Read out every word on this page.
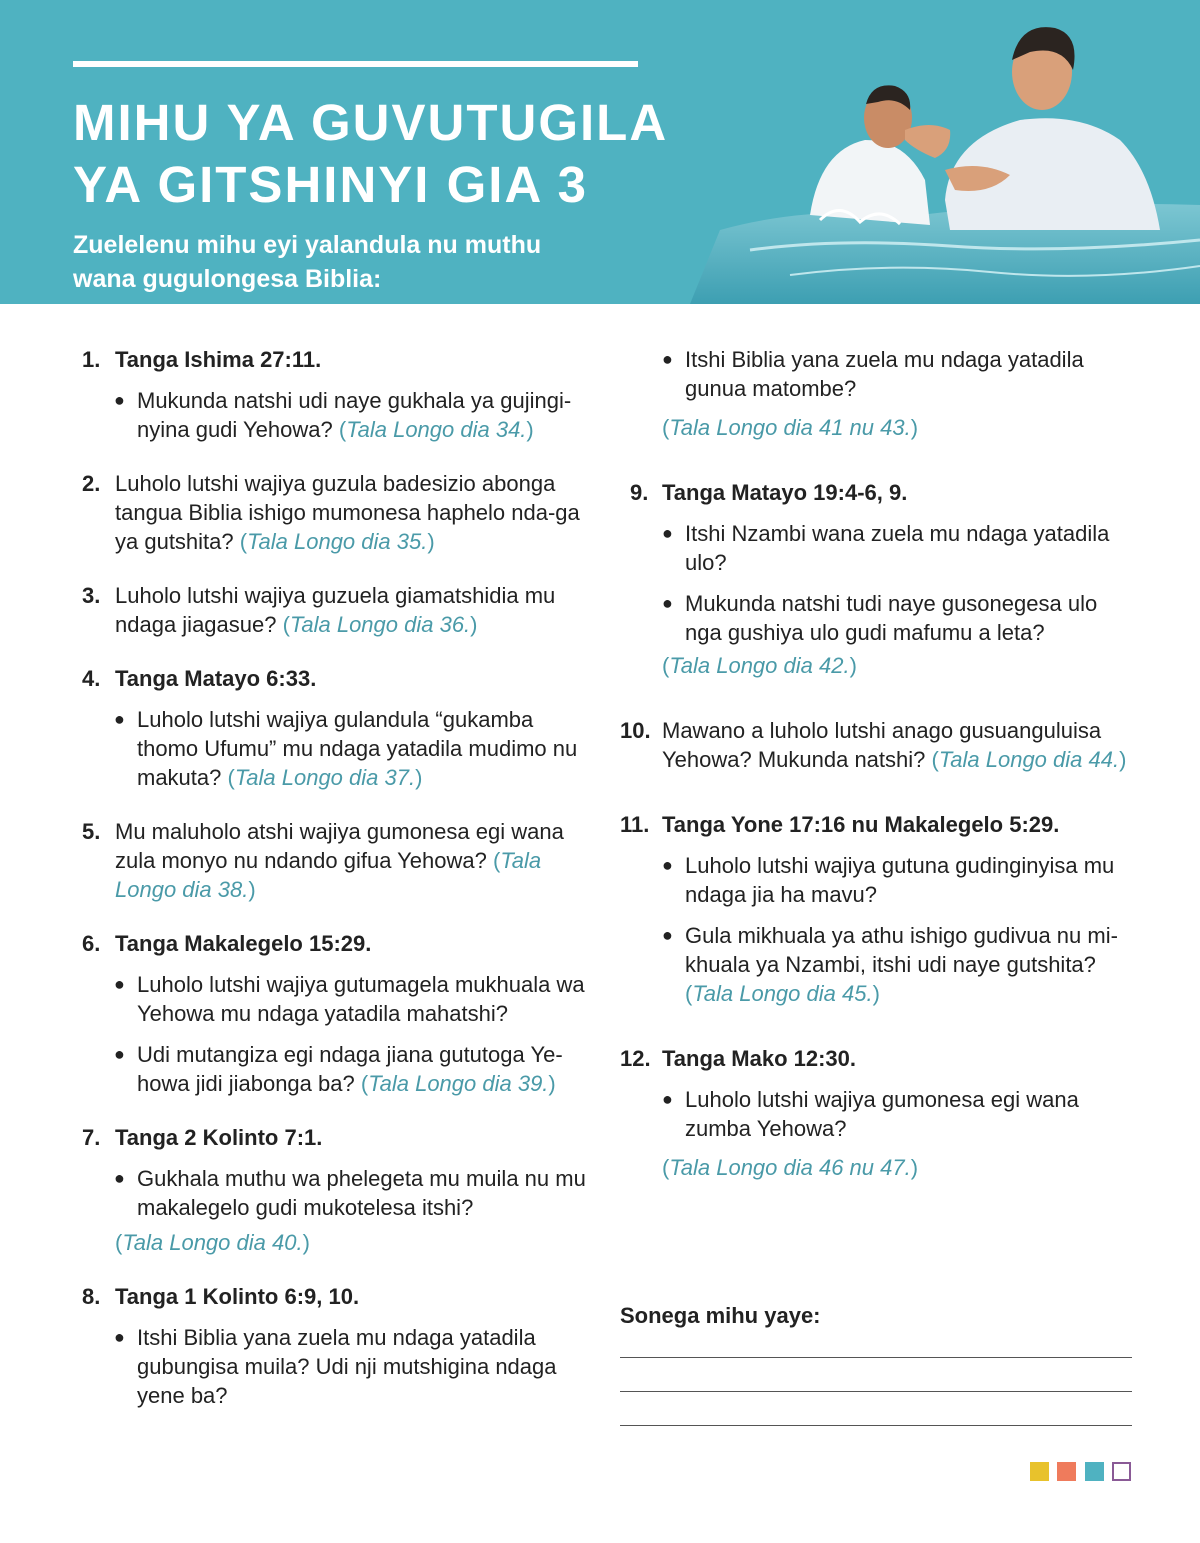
MIHU YA GUVUTUGILA
YA GITSHINYI GIA 3

Zuelelenu mihu eyi yalandula nu muthu wana gugulongesa Biblia:

1. Tanga Ishima 27:11.
● Mukunda natshi udi naye gukhala ya gujingi-nyina gudi Yehowa? (Tala Longo dia 34.)
2. Luholo lutshi wajiya guzula badesizio abonga tangua Biblia ishigo mumonesa haphelo nda-ga ya gutshita? (Tala Longo dia 35.)
3. Luholo lutshi wajiya guzuela giamatshidia mu ndaga jiagasue? (Tala Longo dia 36.)
4. Tanga Matayo 6:33.
● Luholo lutshi wajiya gulandula “gukamba thomo Ufumu” mu ndaga yatadila mudimo nu makuta? (Tala Longo dia 37.)
5. Mu maluholo atshi wajiya gumonesa egi wana zula monyo nu ndando gifua Yehowa? (Tala Longo dia 38.)
6. Tanga Makalegelo 15:29.
● Luholo lutshi wajiya gutumagela mukhuala wa Yehowa mu ndaga yatadila mahatshi?
● Udi mutangiza egi ndaga jiana gututoga Ye-howa jidi jiabonga ba? (Tala Longo dia 39.)
7. Tanga 2 Kolinto 7:1.
● Gukhala muthu wa phelegeta mu muila nu mu makalegelo gudi mukotelesa itshi?
(Tala Longo dia 40.)
8. Tanga 1 Kolinto 6:9, 10.
● Itshi Biblia yana zuela mu ndaga yatadila gubungisa muila? Udi nji mutshigina ndaga yene ba?
● Itshi Biblia yana zuela mu ndaga yatadila gunua matombe?
(Tala Longo dia 41 nu 43.)
9. Tanga Matayo 19:4-6, 9.
● Itshi Nzambi wana zuela mu ndaga yatadila ulo?
● Mukunda natshi tudi naye gusonegesa ulo nga gushiya ulo gudi mafumu a leta?
(Tala Longo dia 42.)
10. Mawano a luholo lutshi anago gusuanguluisa Yehowa? Mukunda natshi? (Tala Longo dia 44.)
11. Tanga Yone 17:16 nu Makalegelo 5:29.
● Luholo lutshi wajiya gutuna gudinginyisa mu ndaga jia ha mavu?
● Gula mikhuala ya athu ishigo gudivua nu mi-khuala ya Nzambi, itshi udi naye gutshita?
(Tala Longo dia 45.)
12. Tanga Mako 12:30.
● Luholo lutshi wajiya gumonesa egi wana zumba Yehowa?
(Tala Longo dia 46 nu 47.)
Sonega mihu yaye:
